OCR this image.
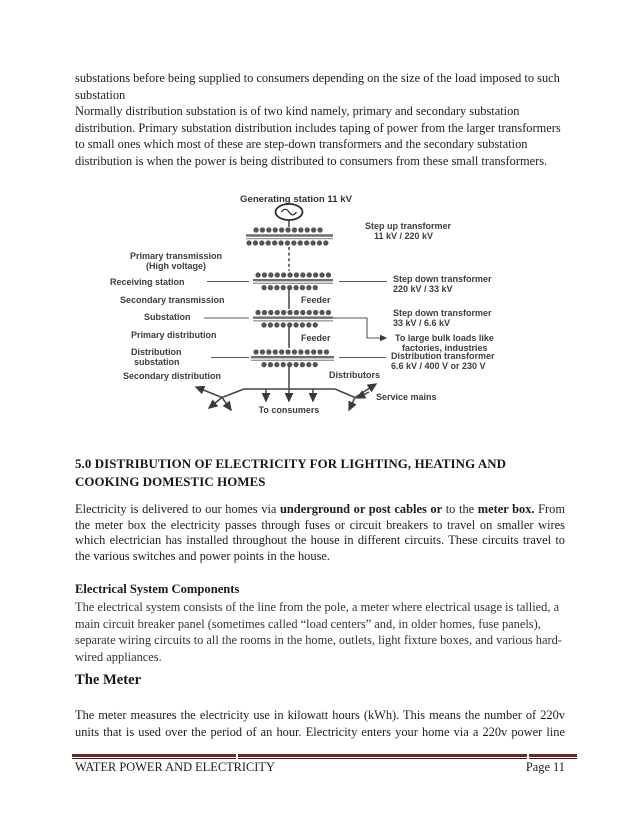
substations before being supplied to consumers depending on the size of the load imposed to such substation

Normally distribution substation is of two kind namely, primary and secondary substation distribution. Primary substation distribution includes taping of power from the larger transformers to small ones which most of these are step-down transformers and the secondary substation distribution is when the power is being distributed to consumers from these small transformers.

Generating station 11 kV
Step up transformer
11 kV / 220 kV
Primary transmission
(High voltage)
Receiving station	Step down transformer
220 kV / 33 kV
Secondary transmission	Feeder
Substation	Step down transformer
33 kV / 6.6 kV
Primary distribution	Feeder	To large bulk loads like
factories, industries
Distribution
substation
Distribution transformer
6.6 kV / 400 V or 230 V
Secondary distribution	Distributors
To consumers
Service mains
5.0 DISTRIBUTION OF ELECTRICITY FOR LIGHTING, HEATING AND COOKING DOMESTIC HOMES

Electricity is delivered to our homes via underground or post cables or to the meter box. From the meter box the electricity passes through fuses or circuit breakers to travel on smaller wires which electrician has installed throughout the house in different circuits. These circuits travel to the various switches and power points in the house.

Electrical System Components

The electrical system consists of the line from the pole, a meter where electrical usage is tallied, a main circuit breaker panel (sometimes called “load centers” and, in older homes, fuse panels), separate wiring circuits to all the rooms in the home, outlets, light fixture boxes, and various hard-wired appliances.

The Meter

The meter measures the electricity use in kilowatt hours (kWh). This means the number of 220v units that is used over the period of an hour. Electricity enters your home via a 220v power line

WATER POWER AND ELECTRICITY	Page 11
